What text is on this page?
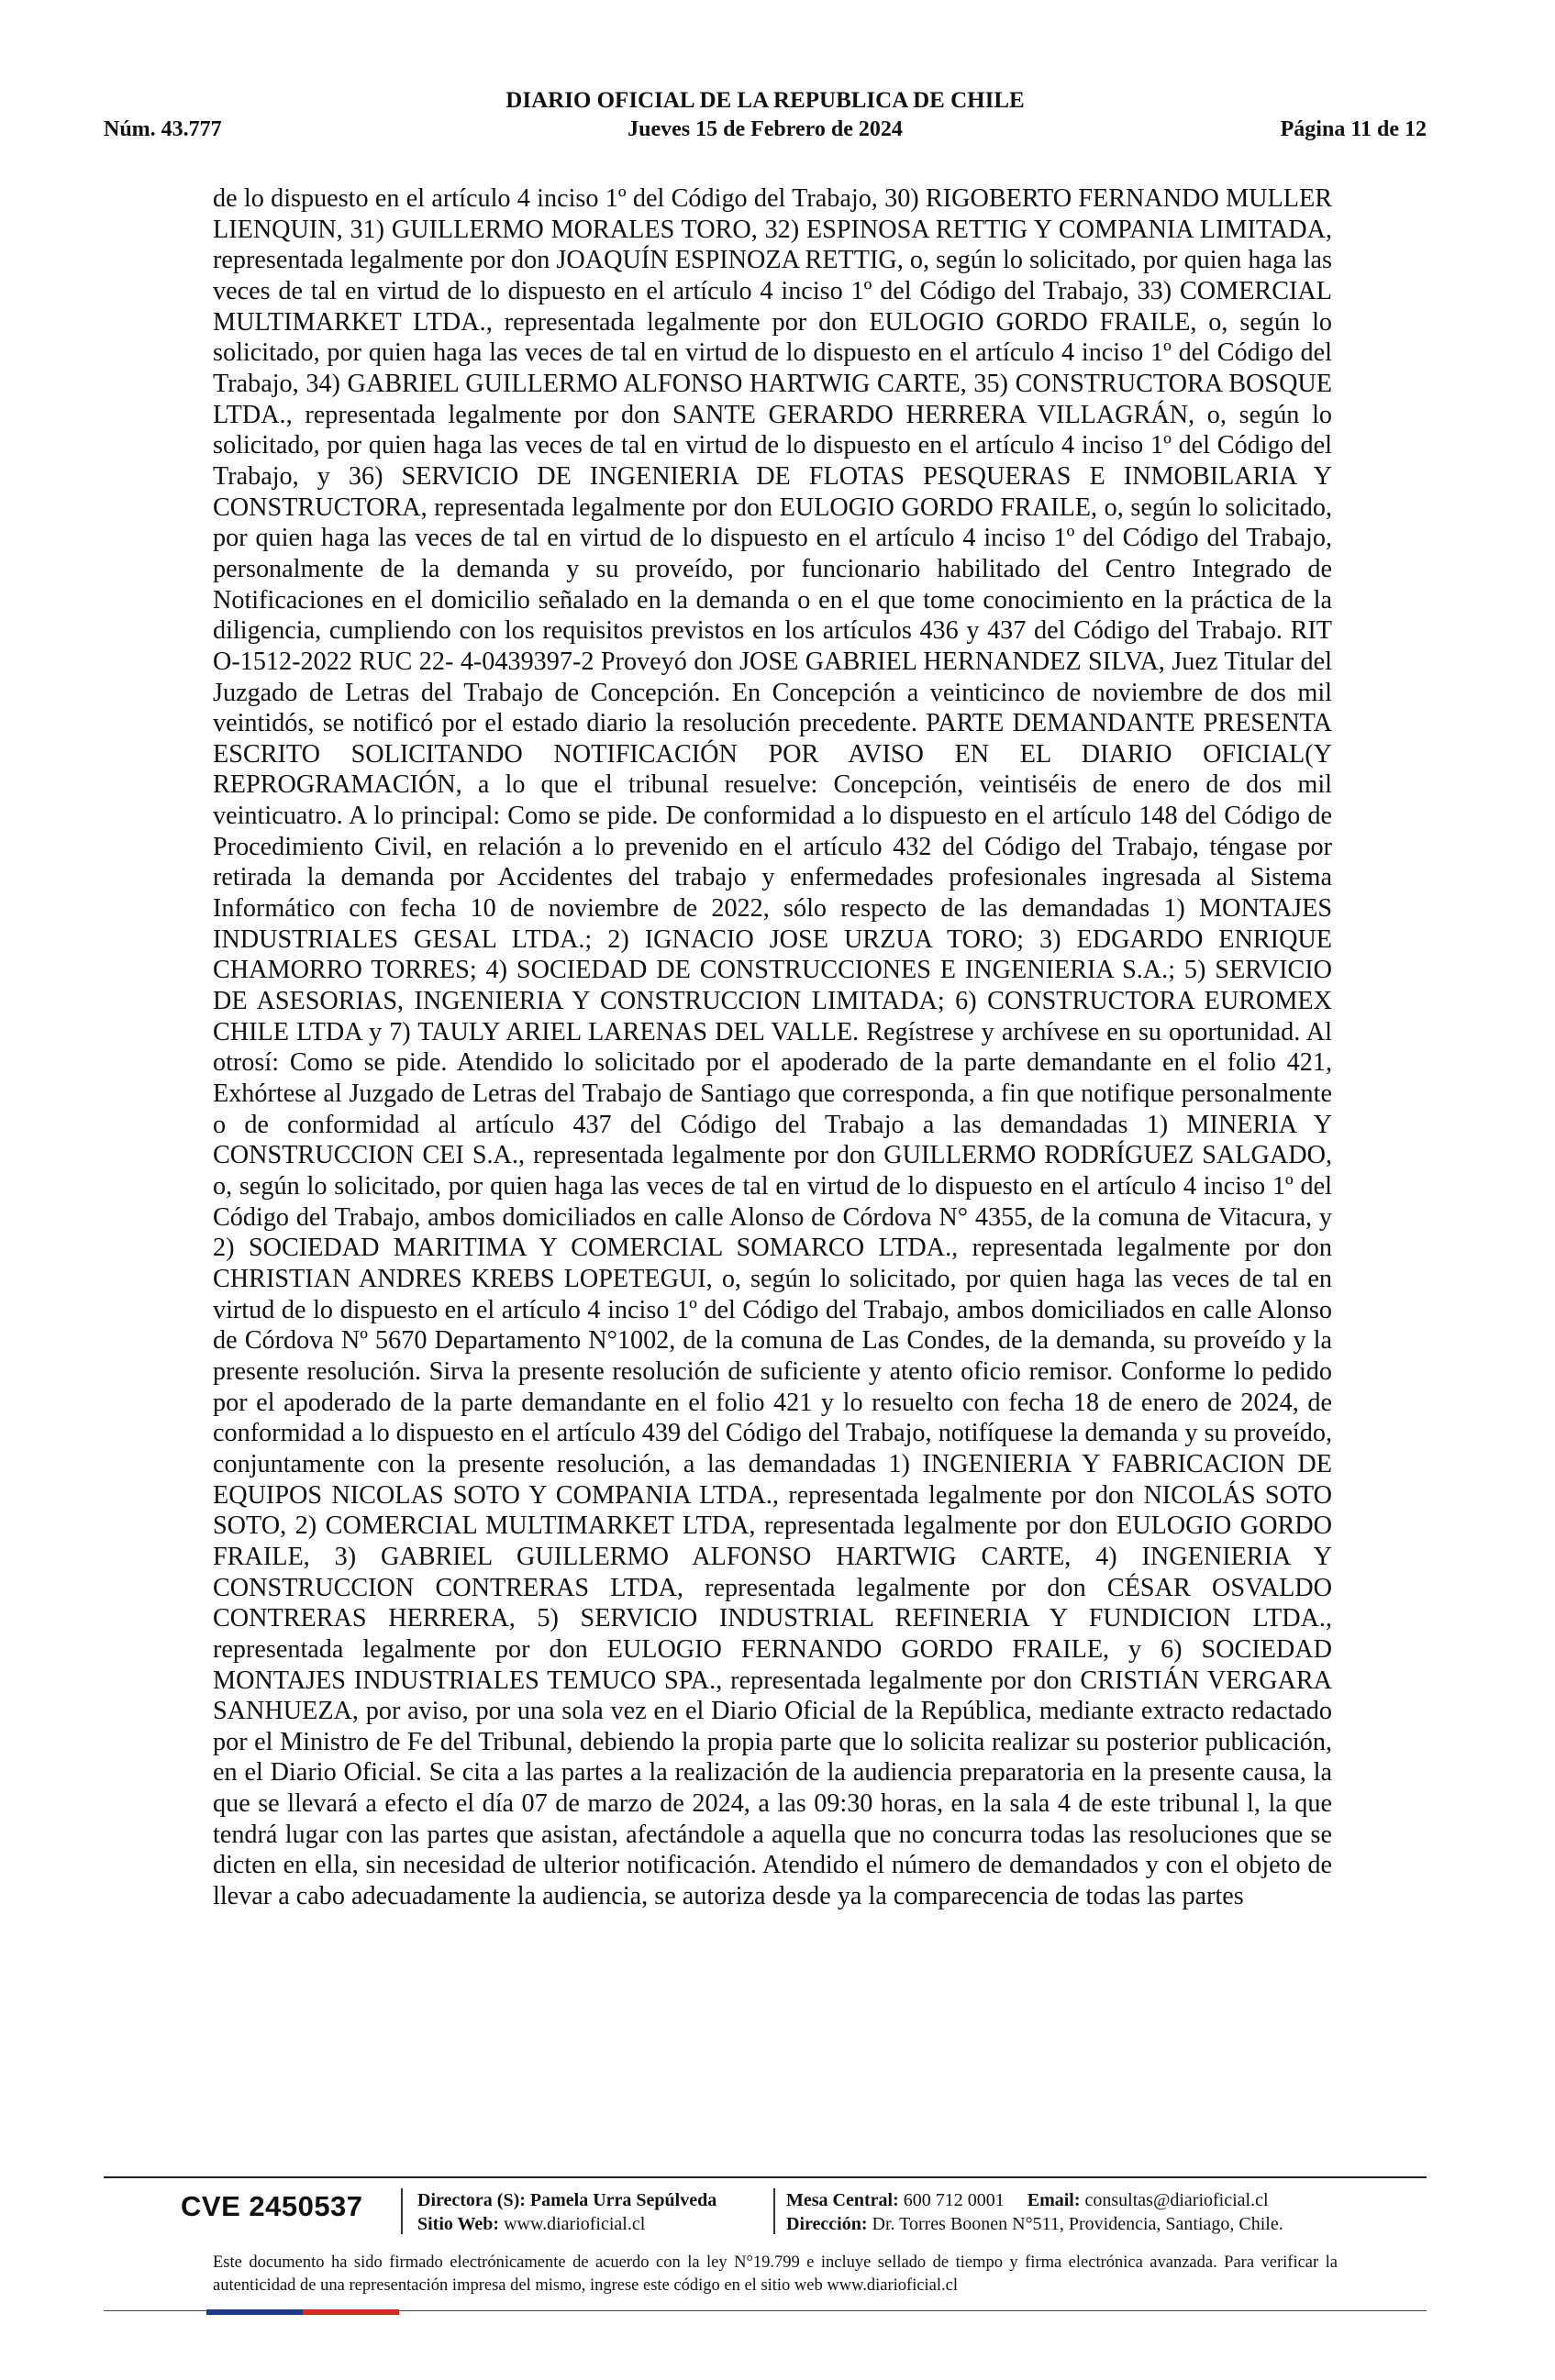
DIARIO OFICIAL DE LA REPUBLICA DE CHILE
Núm. 43.777	Jueves 15 de Febrero de 2024	Página 11 de 12
de lo dispuesto en el artículo 4 inciso 1º del Código del Trabajo, 30) RIGOBERTO FERNANDO MULLER LIENQUIN, 31) GUILLERMO MORALES TORO, 32) ESPINOSA RETTIG Y COMPANIA LIMITADA, representada legalmente por don JOAQUÍN ESPINOZA RETTIG, o, según lo solicitado, por quien haga las veces de tal en virtud de lo dispuesto en el artículo 4 inciso 1º del Código del Trabajo, 33) COMERCIAL MULTIMARKET LTDA., representada legalmente por don EULOGIO GORDO FRAILE, o, según lo solicitado, por quien haga las veces de tal en virtud de lo dispuesto en el artículo 4 inciso 1º del Código del Trabajo, 34) GABRIEL GUILLERMO ALFONSO HARTWIG CARTE, 35) CONSTRUCTORA BOSQUE LTDA., representada legalmente por don SANTE GERARDO HERRERA VILLAGRÁN, o, según lo solicitado, por quien haga las veces de tal en virtud de lo dispuesto en el artículo 4 inciso 1º del Código del Trabajo, y 36) SERVICIO DE INGENIERIA DE FLOTAS PESQUERAS E INMOBILARIA Y CONSTRUCTORA, representada legalmente por don EULOGIO GORDO FRAILE, o, según lo solicitado, por quien haga las veces de tal en virtud de lo dispuesto en el artículo 4 inciso 1º del Código del Trabajo, personalmente de la demanda y su proveído, por funcionario habilitado del Centro Integrado de Notificaciones en el domicilio señalado en la demanda o en el que tome conocimiento en la práctica de la diligencia, cumpliendo con los requisitos previstos en los artículos 436 y 437 del Código del Trabajo. RIT O-1512-2022 RUC 22- 4-0439397-2 Proveyó don JOSE GABRIEL HERNANDEZ SILVA, Juez Titular del Juzgado de Letras del Trabajo de Concepción. En Concepción a veinticinco de noviembre de dos mil veintidós, se notificó por el estado diario la resolución precedente. PARTE DEMANDANTE PRESENTA ESCRITO SOLICITANDO NOTIFICACIÓN POR AVISO EN EL DIARIO OFICIAL(Y REPROGRAMACIÓN, a lo que el tribunal resuelve: Concepción, veintiséis de enero de dos mil veinticuatro. A lo principal: Como se pide. De conformidad a lo dispuesto en el artículo 148 del Código de Procedimiento Civil, en relación a lo prevenido en el artículo 432 del Código del Trabajo, téngase por retirada la demanda por Accidentes del trabajo y enfermedades profesionales ingresada al Sistema Informático con fecha 10 de noviembre de 2022, sólo respecto de las demandadas 1) MONTAJES INDUSTRIALES GESAL LTDA.; 2) IGNACIO JOSE URZUA TORO; 3) EDGARDO ENRIQUE CHAMORRO TORRES; 4) SOCIEDAD DE CONSTRUCCIONES E INGENIERIA S.A.; 5) SERVICIO DE ASESORIAS, INGENIERIA Y CONSTRUCCION LIMITADA; 6) CONSTRUCTORA EUROMEX CHILE LTDA y 7) TAULY ARIEL LARENAS DEL VALLE. Regístrese y archívese en su oportunidad. Al otrosí: Como se pide. Atendido lo solicitado por el apoderado de la parte demandante en el folio 421, Exhórtese al Juzgado de Letras del Trabajo de Santiago que corresponda, a fin que notifique personalmente o de conformidad al artículo 437 del Código del Trabajo a las demandadas 1) MINERIA Y CONSTRUCCION CEI S.A., representada legalmente por don GUILLERMO RODRÍGUEZ SALGADO, o, según lo solicitado, por quien haga las veces de tal en virtud de lo dispuesto en el artículo 4 inciso 1º del Código del Trabajo, ambos domiciliados en calle Alonso de Córdova N° 4355, de la comuna de Vitacura, y 2) SOCIEDAD MARITIMA Y COMERCIAL SOMARCO LTDA., representada legalmente por don CHRISTIAN ANDRES KREBS LOPETEGUI, o, según lo solicitado, por quien haga las veces de tal en virtud de lo dispuesto en el artículo 4 inciso 1º del Código del Trabajo, ambos domiciliados en calle Alonso de Córdova Nº 5670 Departamento N°1002, de la comuna de Las Condes, de la demanda, su proveído y la presente resolución. Sirva la presente resolución de suficiente y atento oficio remisor. Conforme lo pedido por el apoderado de la parte demandante en el folio 421 y lo resuelto con fecha 18 de enero de 2024, de conformidad a lo dispuesto en el artículo 439 del Código del Trabajo, notifíquese la demanda y su proveído, conjuntamente con la presente resolución, a las demandadas 1) INGENIERIA Y FABRICACION DE EQUIPOS NICOLAS SOTO Y COMPANIA LTDA., representada legalmente por don NICOLÁS SOTO SOTO, 2) COMERCIAL MULTIMARKET LTDA, representada legalmente por don EULOGIO GORDO FRAILE, 3) GABRIEL GUILLERMO ALFONSO HARTWIG CARTE, 4) INGENIERIA Y CONSTRUCCION CONTRERAS LTDA, representada legalmente por don CÉSAR OSVALDO CONTRERAS HERRERA, 5) SERVICIO INDUSTRIAL REFINERIA Y FUNDICION LTDA., representada legalmente por don EULOGIO FERNANDO GORDO FRAILE, y 6) SOCIEDAD MONTAJES INDUSTRIALES TEMUCO SPA., representada legalmente por don CRISTIÁN VERGARA SANHUEZA, por aviso, por una sola vez en el Diario Oficial de la República, mediante extracto redactado por el Ministro de Fe del Tribunal, debiendo la propia parte que lo solicita realizar su posterior publicación, en el Diario Oficial. Se cita a las partes a la realización de la audiencia preparatoria en la presente causa, la que se llevará a efecto el día 07 de marzo de 2024, a las 09:30 horas, en la sala 4 de este tribunal l, la que tendrá lugar con las partes que asistan, afectándole a aquella que no concurra todas las resoluciones que se dicten en ella, sin necesidad de ulterior notificación. Atendido el número de demandados y con el objeto de llevar a cabo adecuadamente la audiencia, se autoriza desde ya la comparecencia de todas las partes
CVE 2450537	Directora (S): Pamela Urra Sepúlveda
Sitio Web: www.diarioficial.cl
Mesa Central: 600 712 0001 Email: consultas@diarioficial.cl
Dirección: Dr. Torres Boonen N°511, Providencia, Santiago, Chile.
Este documento ha sido firmado electrónicamente de acuerdo con la ley N°19.799 e incluye sellado de tiempo y firma electrónica avanzada. Para verificar la autenticidad de una representación impresa del mismo, ingrese este código en el sitio web www.diarioficial.cl
